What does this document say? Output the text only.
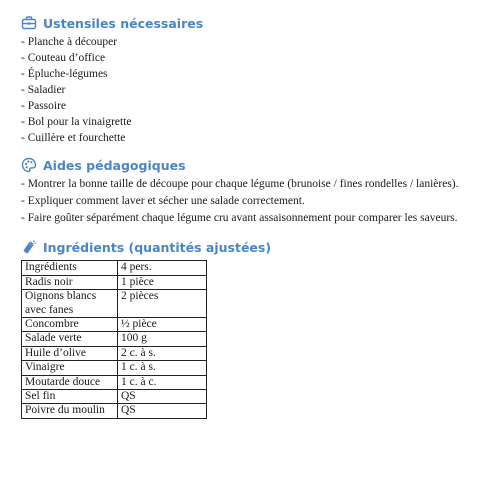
Ustensiles nécessaires
- Planche à découper
- Couteau d’office
- Épluche-légumes
- Saladier
- Passoire
- Bol pour la vinaigrette
- Cuillère et fourchette
Aides pédagogiques

- Montrer la bonne taille de découpe pour chaque légume (brunoise / fines rondelles / lanières).

- Expliquer comment laver et sécher une salade correctement.

- Faire goûter séparément chaque légume cru avant assaisonnement pour comparer les saveurs.

Ingrédients (quantités ajustées)
Ingrédients	4 pers.
Radis noir	1 pièce
Oignons blancs avec fanes	2 pièces
Concombre	½ pièce
Salade verte	100 g
Huile d’olive	2 c. à s.
Vinaigre	1 c. à s.
Moutarde douce	1 c. à c.
Sel fin	QS
Poivre du moulin	QS
